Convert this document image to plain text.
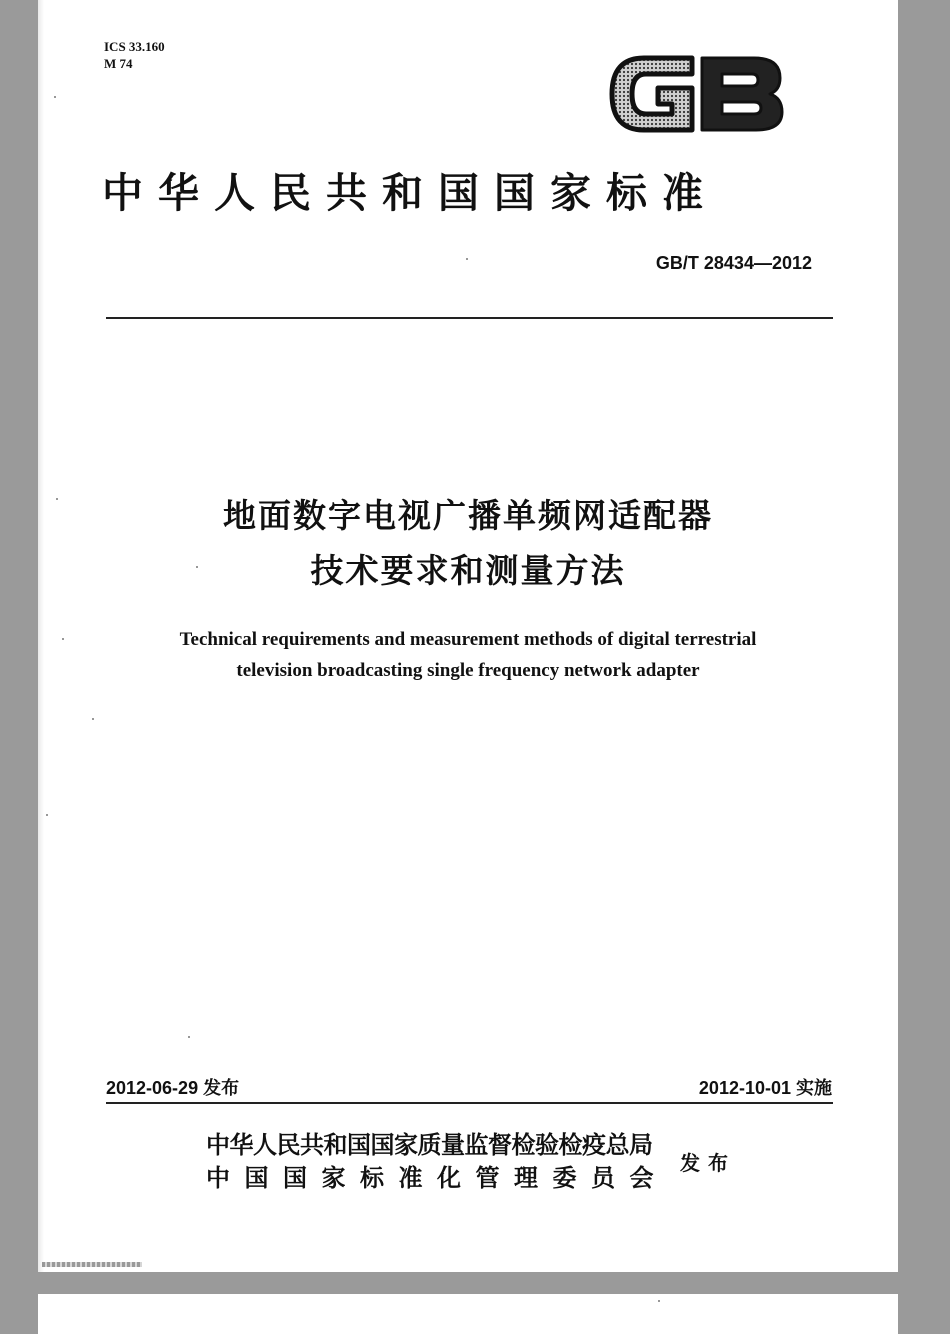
ICS 33.160
M 74
GB
中华人民共和国国家标准
GB/T 28434—2012
地面数字电视广播单频网适配器
技术要求和测量方法
Technical requirements and measurement methods of digital terrestrial
television broadcasting single frequency network adapter
2012-06-29 发布	2012-10-01 实施
中华人民共和国国家质量监督检验检疫总局
中国国家标准化管理委员会 发布
